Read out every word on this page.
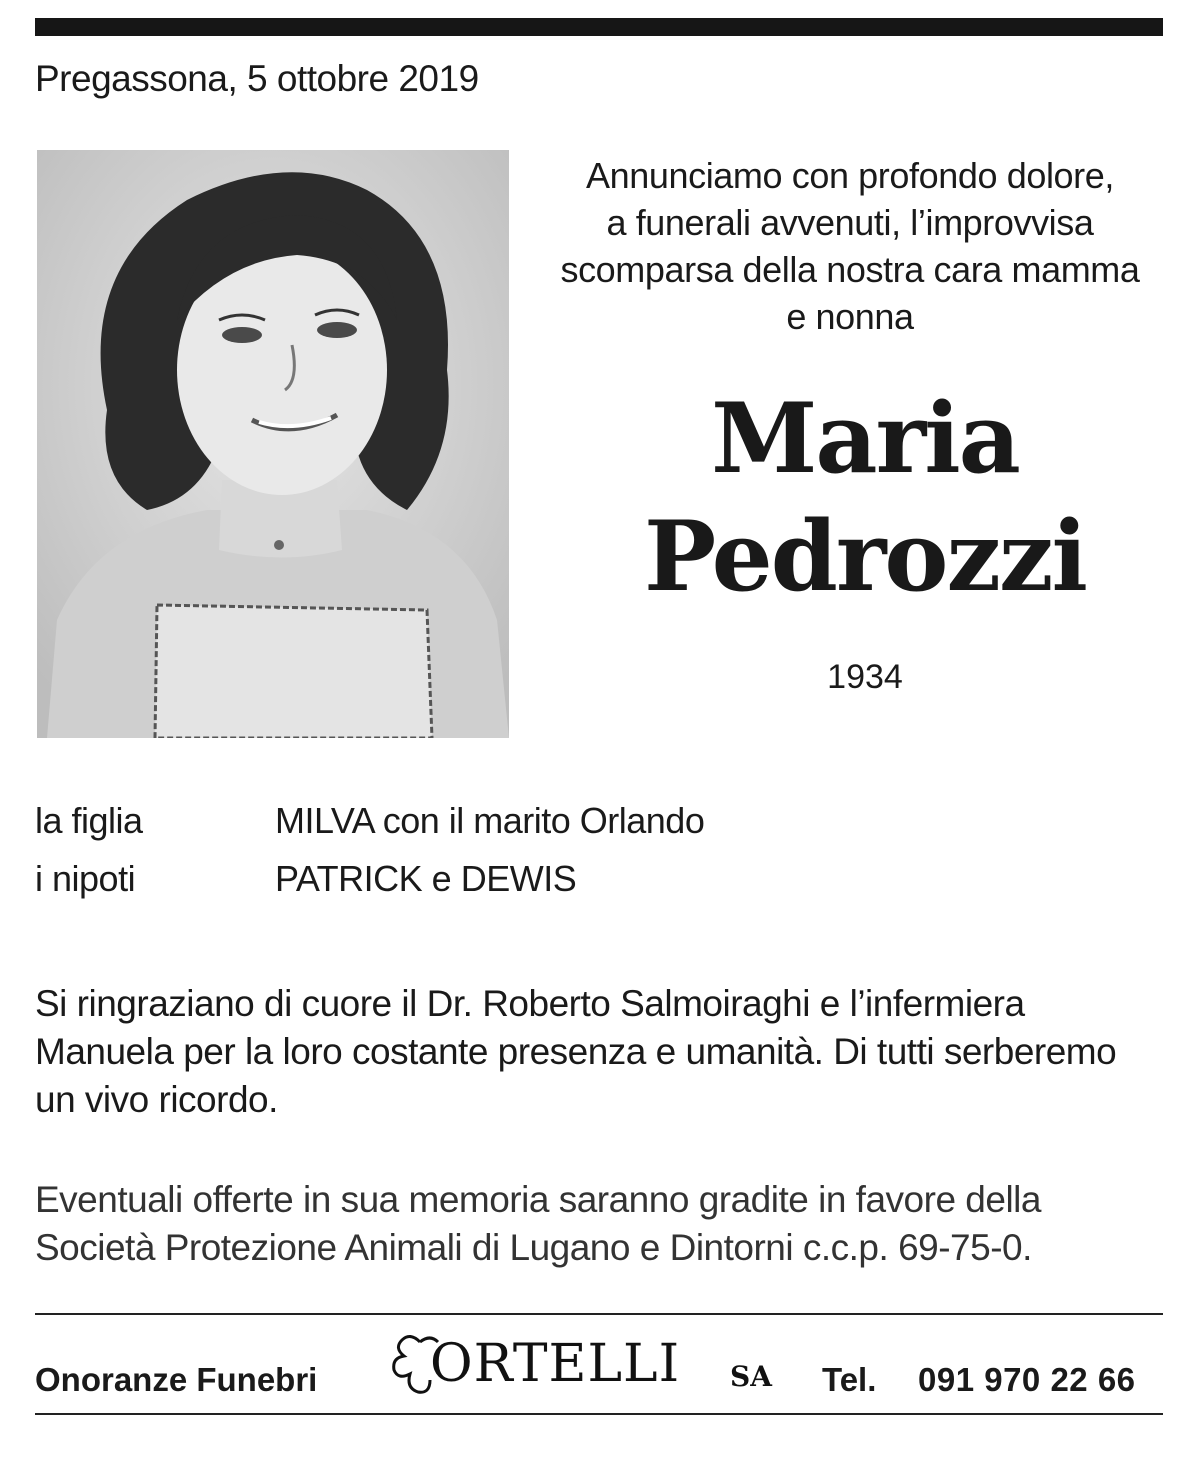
Pregassona, 5 ottobre 2019
Annunciamo con profondo dolore,
a funerali avvenuti, l’improvvisa
scomparsa della nostra cara mamma
e nonna
Maria
Pedrozzi
1934
la figlia	MILVA con il marito Orlando
i nipoti	PATRICK e DEWIS
Si ringraziano di cuore il Dr. Roberto Salmoiraghi e l’infermiera
Manuela per la loro costante presenza e umanità. Di tutti serberemo
un vivo ricordo.
Eventuali offerte in sua memoria saranno gradite in favore della
Società Protezione Animali di Lugano e Dintorni c.c.p. 69-75-0.
Onoranze Funebri ORTELLI SA Tel. 091 970 22 66
